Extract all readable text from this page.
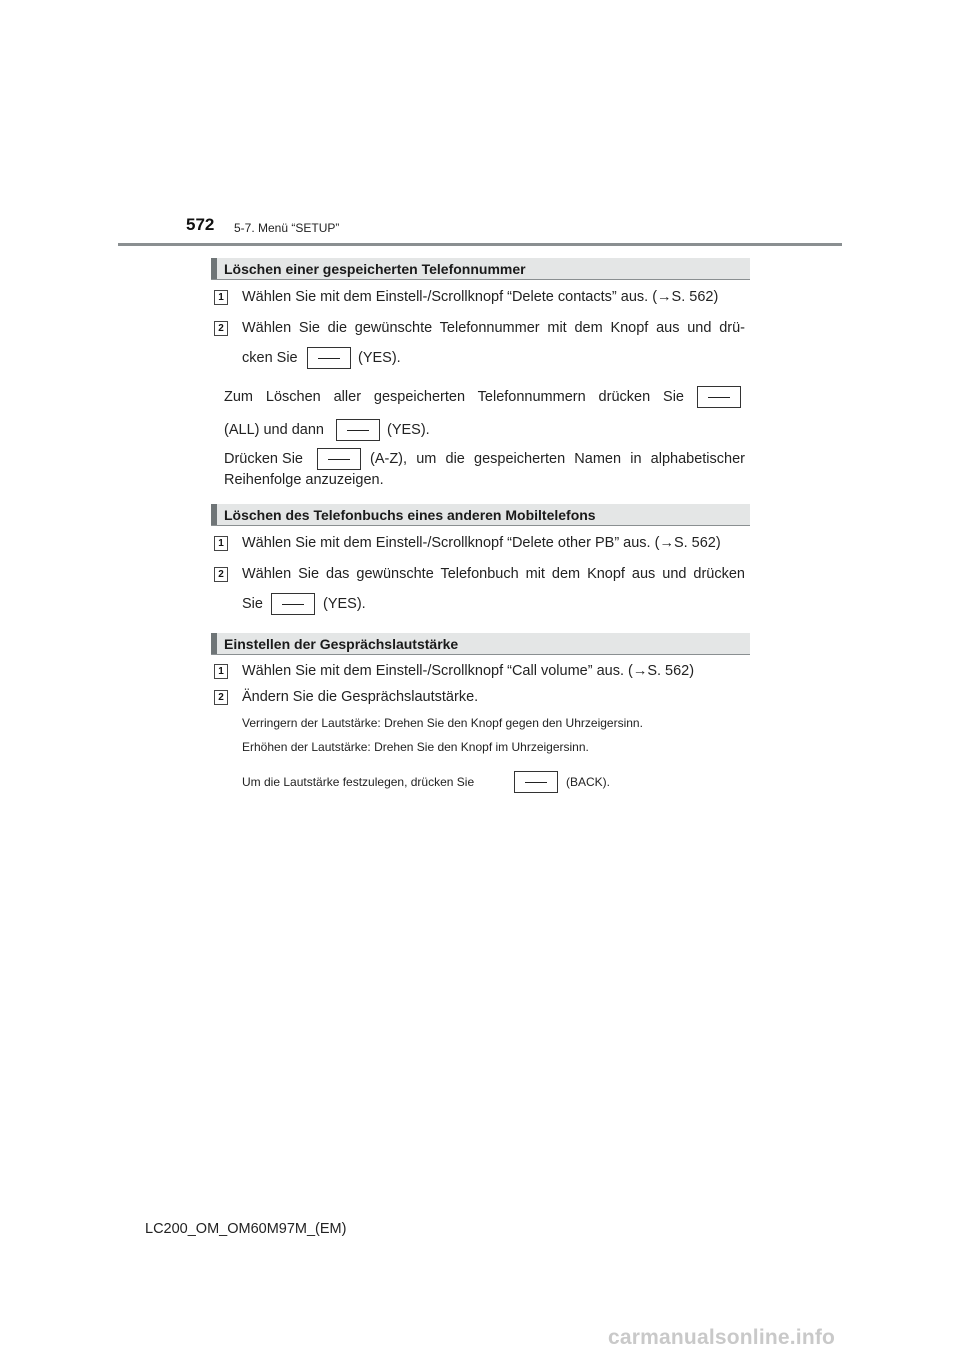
572 5-7. Menü “SETUP”
Löschen einer gespeicherten Telefonnummer
1 Wählen Sie mit dem Einstell-/Scrollknopf “Delete contacts” aus. (→S. 562)
2 Wählen Sie die gewünschte Telefonnummer mit dem Knopf aus und drü-
cken Sie	(YES).
Zum Löschen aller gespeicherten Telefonnummern drücken Sie
(ALL) und dann	(YES).
Drücken Sie	(A-Z), um die gespeicherten Namen in alphabetischer
Reihenfolge anzuzeigen.
Löschen des Telefonbuchs eines anderen Mobiltelefons
1 Wählen Sie mit dem Einstell-/Scrollknopf “Delete other PB” aus. (→S. 562)
2 Wählen Sie das gewünschte Telefonbuch mit dem Knopf aus und drücken
Sie	(YES).
Einstellen der Gesprächslautstärke
1 Wählen Sie mit dem Einstell-/Scrollknopf “Call volume” aus. (→S. 562)
2 Ändern Sie die Gesprächslautstärke.
Verringern der Lautstärke: Drehen Sie den Knopf gegen den Uhrzeigersinn.
Erhöhen der Lautstärke: Drehen Sie den Knopf im Uhrzeigersinn.
Um die Lautstärke festzulegen, drücken Sie	(BACK).
LC200_OM_OM60M97M_(EM)
carmanualsonline.info
